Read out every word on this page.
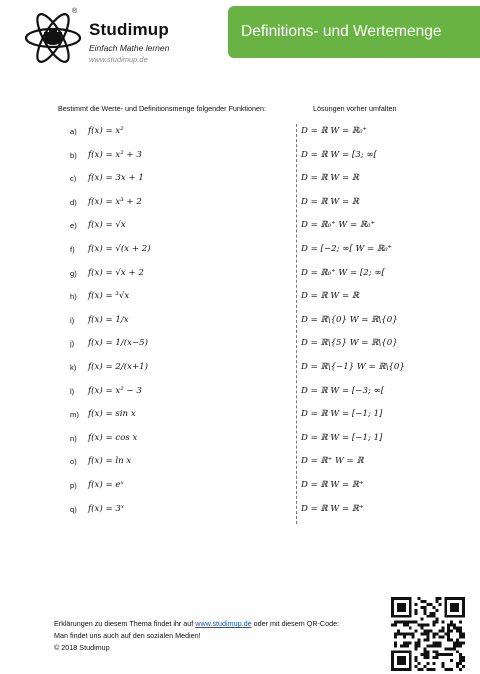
®
Studimup
Einfach Mathe lernen
www.studimup.de
Definitions- und Wertemenge
Bestimmt die Werte- und Definitionsmenge folgender Funktionen:	Lösungen vorher umfalten
a) f(x) = x²	D = ℝ W = ℝ₀⁺
b) f(x) = x² + 3	D = ℝ W = [3; ∞[
c) f(x) = 3x + 1	D = ℝ W = ℝ
d) f(x) = x³ + 2	D = ℝ W = ℝ
e) f(x) = √x	D = ℝ₀⁺ W = ℝ₀⁺
f) f(x) = √(x + 2)	D = [−2; ∞[ W = ℝ₀⁺
g) f(x) = √x + 2	D = ℝ₀⁺ W = [2; ∞[
h) f(x) = ³√x	D = ℝ W = ℝ
i) f(x) = 1/x	D = ℝ\{0} W = ℝ\{0}
j) f(x) = 1/(x−5)	D = ℝ\{5} W = ℝ\{0}
k) f(x) = 2/(x+1)	D = ℝ\{−1} W = ℝ\{0}
l) f(x) = x² − 3	D = ℝ W = [−3; ∞[
m) f(x) = sin x	D = ℝ W = [−1; 1]
n) f(x) = cos x	D = ℝ W = [−1; 1]
o) f(x) = ln x	D = ℝ⁺ W = ℝ
p) f(x) = eˣ	D = ℝ W = ℝ⁺
q) f(x) = 3ˣ	D = ℝ W = ℝ⁺
Erklärungen zu diesem Thema findet ihr auf www.studimup.de oder mit diesem QR-Code:
Man findet uns auch auf den sozialen Medien!
© 2018 Studimup
